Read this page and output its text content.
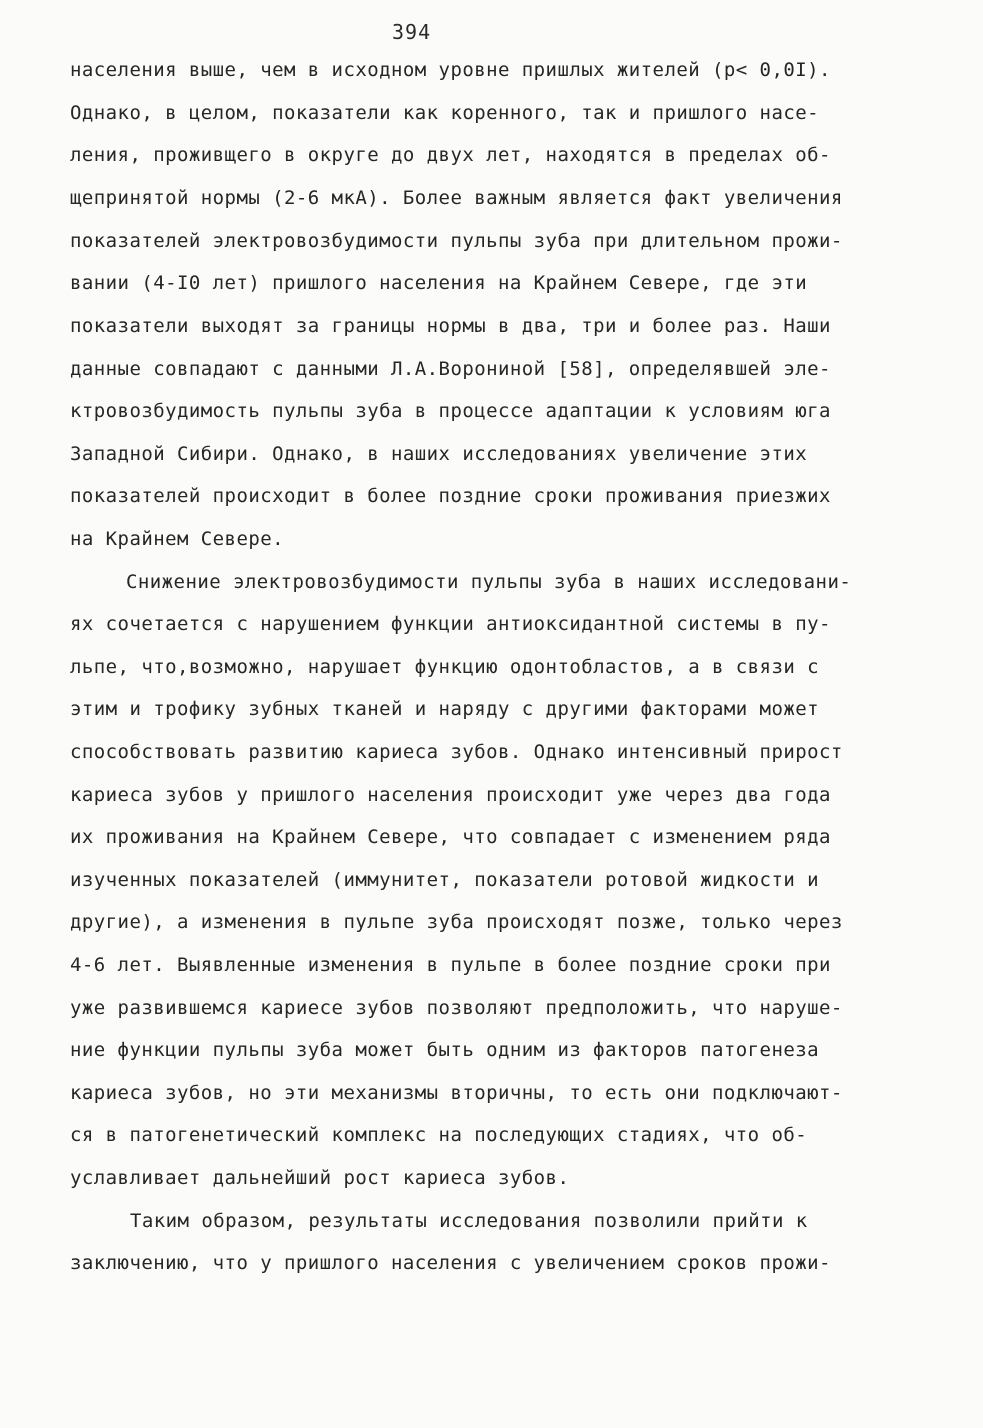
394
населения выше, чем в исходном уровне пришлых жителей (р< 0,0I).
Однако, в целом, показатели как коренного, так и пришлого насе-
ления, проживщего в округе до двух лет, находятся в пределах об-
щепринятой нормы (2-6 мкА). Более важным является факт увеличения
показателей электровозбудимости пульпы зуба при длительном прожи-
вании (4-I0 лет) пришлого населения на Крайнем Севере, где эти
показатели выходят за границы нормы в два, три и более раз. Наши
данные совпадают с данными Л.А.Ворониной [58], определявшей эле-
ктровозбудимость пульпы зуба в процессе адаптации к условиям юга
Западной Сибири. Однако, в наших исследованиях увеличение этих
показателей происходит в более поздние сроки проживания приезжих
на Крайнем Севере.
Снижение электровозбудимости пульпы зуба в наших исследовани-
ях сочетается с нарушением функции антиоксидантной системы в пу-
льпе, что,возможно, нарушает функцию одонтобластов, а в связи с
этим и трофику зубных тканей и наряду с другими факторами может
способствовать развитию кариеса зубов. Однако интенсивный прирост
кариеса зубов у пришлого населения происходит уже через два года
их проживания на Крайнем Севере, что совпадает с изменением ряда
изученных показателей (иммунитет, показатели ротовой жидкости и
другие), а изменения в пульпе зуба происходят позже, только через
4-6 лет. Выявленные изменения в пульпе в более поздние сроки при
уже развившемся кариесе зубов позволяют предположить, что наруше-
ние функции пульпы зуба может быть одним из факторов патогенеза
кариеса зубов, но эти механизмы вторичны, то есть они подключают-
ся в патогенетический комплекс на последующих стадиях, что об-
уславливает дальнейший рост кариеса зубов.
Таким образом, результаты исследования позволили прийти к
заключению, что у пришлого населения с увеличением сроков прожи-
